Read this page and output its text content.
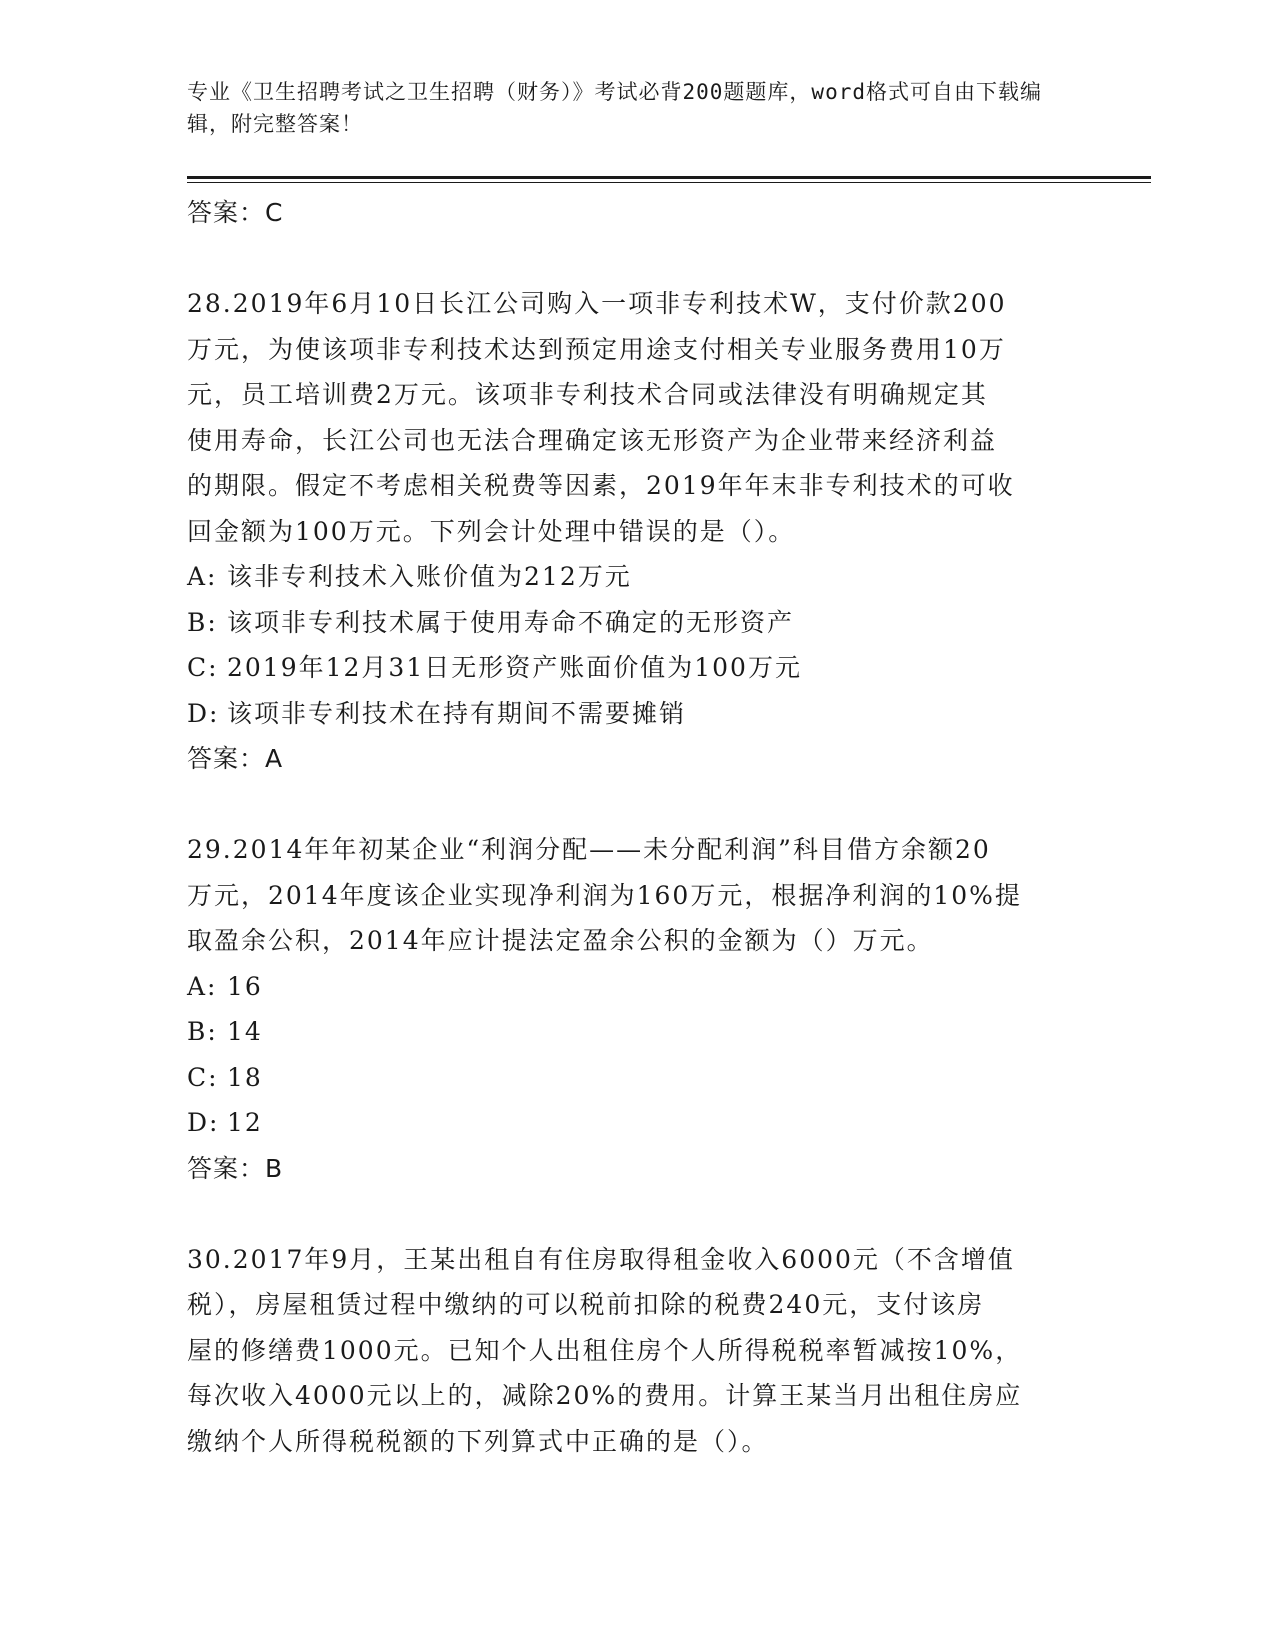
专业《卫生招聘考试之卫生招聘（财务）》考试必背200题题库，word格式可自由下载编辑，附完整答案！
答案：C
28.2019年6月10日长江公司购入一项非专利技术W，支付价款200
万元，为使该项非专利技术达到预定用途支付相关专业服务费用10万
元，员工培训费2万元。该项非专利技术合同或法律没有明确规定其
使用寿命，长江公司也无法合理确定该无形资产为企业带来经济利益
的期限。假定不考虑相关税费等因素，2019年年末非专利技术的可收
回金额为100万元。下列会计处理中错误的是（）。
A: 该非专利技术入账价值为212万元
B: 该项非专利技术属于使用寿命不确定的无形资产
C: 2019年12月31日无形资产账面价值为100万元
D: 该项非专利技术在持有期间不需要摊销
答案：A
29.2014年年初某企业“利润分配——未分配利润”科目借方余额20
万元，2014年度该企业实现净利润为160万元，根据净利润的10%提
取盈余公积，2014年应计提法定盈余公积的金额为（）万元。
A: 16
B: 14
C: 18
D: 12
答案：B
30.2017年9月，王某出租自有住房取得租金收入6000元（不含增值
税），房屋租赁过程中缴纳的可以税前扣除的税费240元，支付该房
屋的修缮费1000元。已知个人出租住房个人所得税税率暂减按10%，
每次收入4000元以上的，减除20%的费用。计算王某当月出租住房应
缴纳个人所得税税额的下列算式中正确的是（）。
